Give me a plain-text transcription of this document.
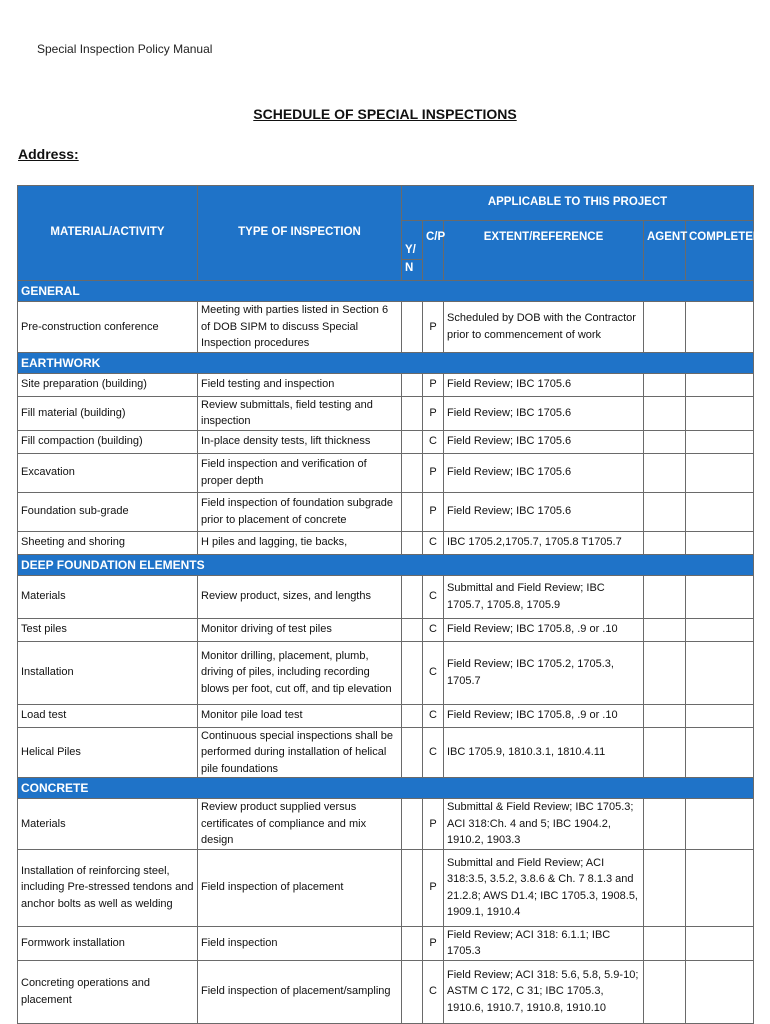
Special Inspection Policy Manual
SCHEDULE OF SPECIAL INSPECTIONS
Address:
MATERIAL/ACTIVITY	TYPE OF INSPECTION	APPLICABLE TO THIS PROJECT				
		Y/	C/P	EXTENT/REFERENCE	AGENT	COMPLETED
		N				
GENERAL						
Pre-construction conference	Meeting with parties listed in Section 6 of DOB SIPM to discuss Special Inspection procedures		P	Scheduled by DOB with the Contractor prior to commencement of work		
EARTHWORK						
Site preparation (building)	Field testing and inspection		P	Field Review; IBC 1705.6		
Fill material (building)	Review submittals, field testing and inspection		P	Field Review; IBC 1705.6		
Fill compaction (building)	In-place density tests, lift thickness		C	Field Review; IBC 1705.6		
Excavation	Field inspection and verification of proper depth		P	Field Review; IBC 1705.6		
Foundation sub-grade	Field inspection of foundation subgrade prior to placement of concrete		P	Field Review; IBC 1705.6		
Sheeting and shoring	H piles and lagging, tie backs,		C	IBC 1705.2,1705.7, 1705.8 T1705.7		
DEEP FOUNDATION ELEMENTS						
Materials	Review product, sizes, and lengths		C	Submittal and Field Review; IBC 1705.7, 1705.8, 1705.9		
Test piles	Monitor driving of test piles		C	Field Review; IBC 1705.8, .9 or .10		
Installation	Monitor drilling, placement, plumb, driving of piles, including recording blows per foot, cut off, and tip elevation		C	Field Review; IBC 1705.2, 1705.3, 1705.7		
Load test	Monitor pile load test		C	Field Review; IBC 1705.8, .9 or .10		
Helical Piles	Continuous special inspections shall be performed during installation of helical pile foundations		C	IBC 1705.9, 1810.3.1, 1810.4.11		
CONCRETE						
Materials	Review product supplied versus certificates of compliance and mix design		P	Submittal & Field Review; IBC 1705.3; ACI 318:Ch. 4 and 5; IBC 1904.2, 1910.2, 1903.3		
Installation of reinforcing steel, including Pre-stressed tendons and anchor bolts as well as welding	Field inspection of placement		P	Submittal and Field Review; ACI 318:3.5, 3.5.2, 3.8.6 & Ch. 7 8.1.3 and 21.2.8; AWS D1.4; IBC 1705.3, 1908.5, 1909.1, 1910.4		
Formwork installation	Field inspection		P	Field Review; ACI 318: 6.1.1; IBC 1705.3		
Concreting operations and placement	Field inspection of placement/sampling		C	Field Review; ACI 318: 5.6, 5.8, 5.9-10; ASTM C 172, C 31; IBC 1705.3, 1910.6, 1910.7, 1910.8, 1910.10		
